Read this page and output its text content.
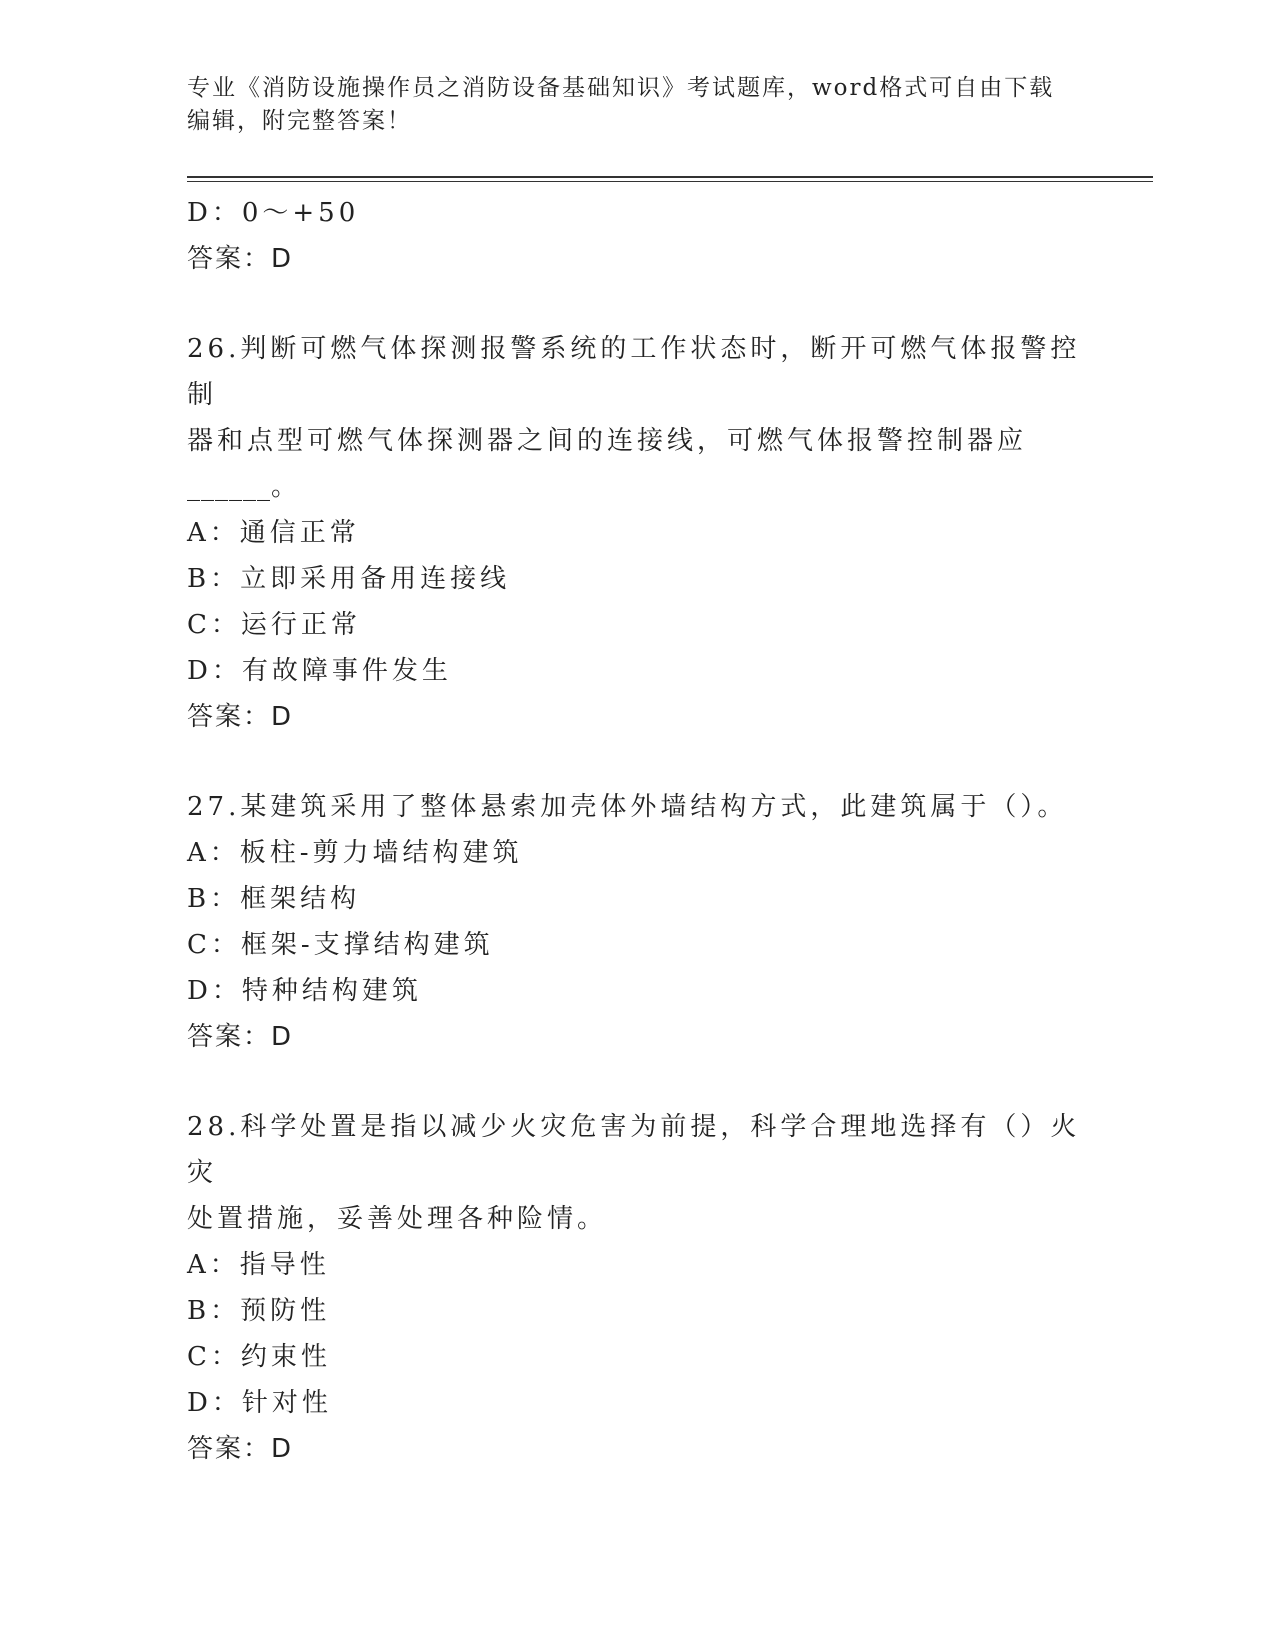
专业《消防设施操作员之消防设备基础知识》考试题库，word格式可自由下载编辑，附完整答案！
D：0～+50
答案：D
26.判断可燃气体探测报警系统的工作状态时，断开可燃气体报警控制
器和点型可燃气体探测器之间的连接线，可燃气体报警控制器应
______。
A：通信正常
B：立即采用备用连接线
C：运行正常
D：有故障事件发生
答案：D
27.某建筑采用了整体悬索加壳体外墙结构方式，此建筑属于（）。
A：板柱-剪力墙结构建筑
B：框架结构
C：框架-支撑结构建筑
D：特种结构建筑
答案：D
28.科学处置是指以减少火灾危害为前提，科学合理地选择有（）火灾
处置措施，妥善处理各种险情。
A：指导性
B：预防性
C：约束性
D：针对性
答案：D
